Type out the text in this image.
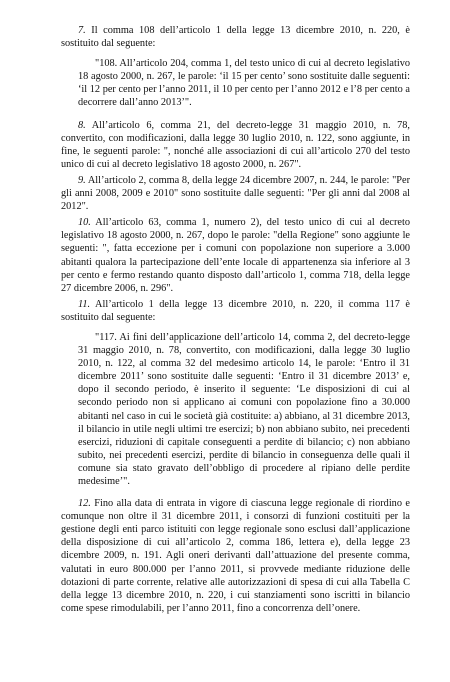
7. Il comma 108 dell’articolo 1 della legge 13 dicembre 2010, n. 220, è sostituito dal seguente:

"108. All’articolo 204, comma 1, del testo unico di cui al decreto legislativo 18 agosto 2000, n. 267, le parole: ‘il 15 per cento’ sono sostituite dalle seguenti: ‘il 12 per cento per l’anno 2011, il 10 per cento per l’anno 2012 e l’8 per cento a decorrere dall’anno 2013’".

8. All’articolo 6, comma 21, del decreto-legge 31 maggio 2010, n. 78, convertito, con modificazioni, dalla legge 30 luglio 2010, n. 122, sono aggiunte, in fine, le seguenti parole: ", nonché alle associazioni di cui all’articolo 270 del testo unico di cui al decreto legislativo 18 agosto 2000, n. 267".

9. All’articolo 2, comma 8, della legge 24 dicembre 2007, n. 244, le parole: "Per gli anni 2008, 2009 e 2010" sono sostituite dalle seguenti: "Per gli anni dal 2008 al 2012".

10. All’articolo 63, comma 1, numero 2), del testo unico di cui al decreto legislativo 18 agosto 2000, n. 267, dopo le parole: "della Regione" sono aggiunte le seguenti: ", fatta eccezione per i comuni con popolazione non superiore a 3.000 abitanti qualora la partecipazione dell’ente locale di appartenenza sia inferiore al 3 per cento e fermo restando quanto disposto dall’articolo 1, comma 718, della legge 27 dicembre 2006, n. 296".

11. All’articolo 1 della legge 13 dicembre 2010, n. 220, il comma 117 è sostituito dal seguente:

"117. Ai fini dell’applicazione dell’articolo 14, comma 2, del decreto-legge 31 maggio 2010, n. 78, convertito, con modificazioni, dalla legge 30 luglio 2010, n. 122, al comma 32 del medesimo articolo 14, le parole: ‘Entro il 31 dicembre 2011’ sono sostituite dalle seguenti: ‘Entro il 31 dicembre 2013’ e, dopo il secondo periodo, è inserito il seguente: ‘Le disposizioni di cui al secondo periodo non si applicano ai comuni con popolazione fino a 30.000 abitanti nel caso in cui le società già costituite: a) abbiano, al 31 dicembre 2013, il bilancio in utile negli ultimi tre esercizi; b) non abbiano subito, nei precedenti esercizi, riduzioni di capitale conseguenti a perdite di bilancio; c) non abbiano subito, nei precedenti esercizi, perdite di bilancio in conseguenza delle quali il comune sia stato gravato dell’obbligo di procedere al ripiano delle perdite medesime’".

12. Fino alla data di entrata in vigore di ciascuna legge regionale di riordino e comunque non oltre il 31 dicembre 2011, i consorzi di funzioni costituiti per la gestione degli enti parco istituiti con legge regionale sono esclusi dall’applicazione della disposizione di cui all’articolo 2, comma 186, lettera e), della legge 23 dicembre 2009, n. 191. Agli oneri derivanti dall’attuazione del presente comma, valutati in euro 800.000 per l’anno 2011, si provvede mediante riduzione delle dotazioni di parte corrente, relative alle autorizzazioni di spesa di cui alla Tabella C della legge 13 dicembre 2010, n. 220, i cui stanziamenti sono iscritti in bilancio come spese rimodulabili, per l’anno 2011, fino a concorrenza dell’onere.
